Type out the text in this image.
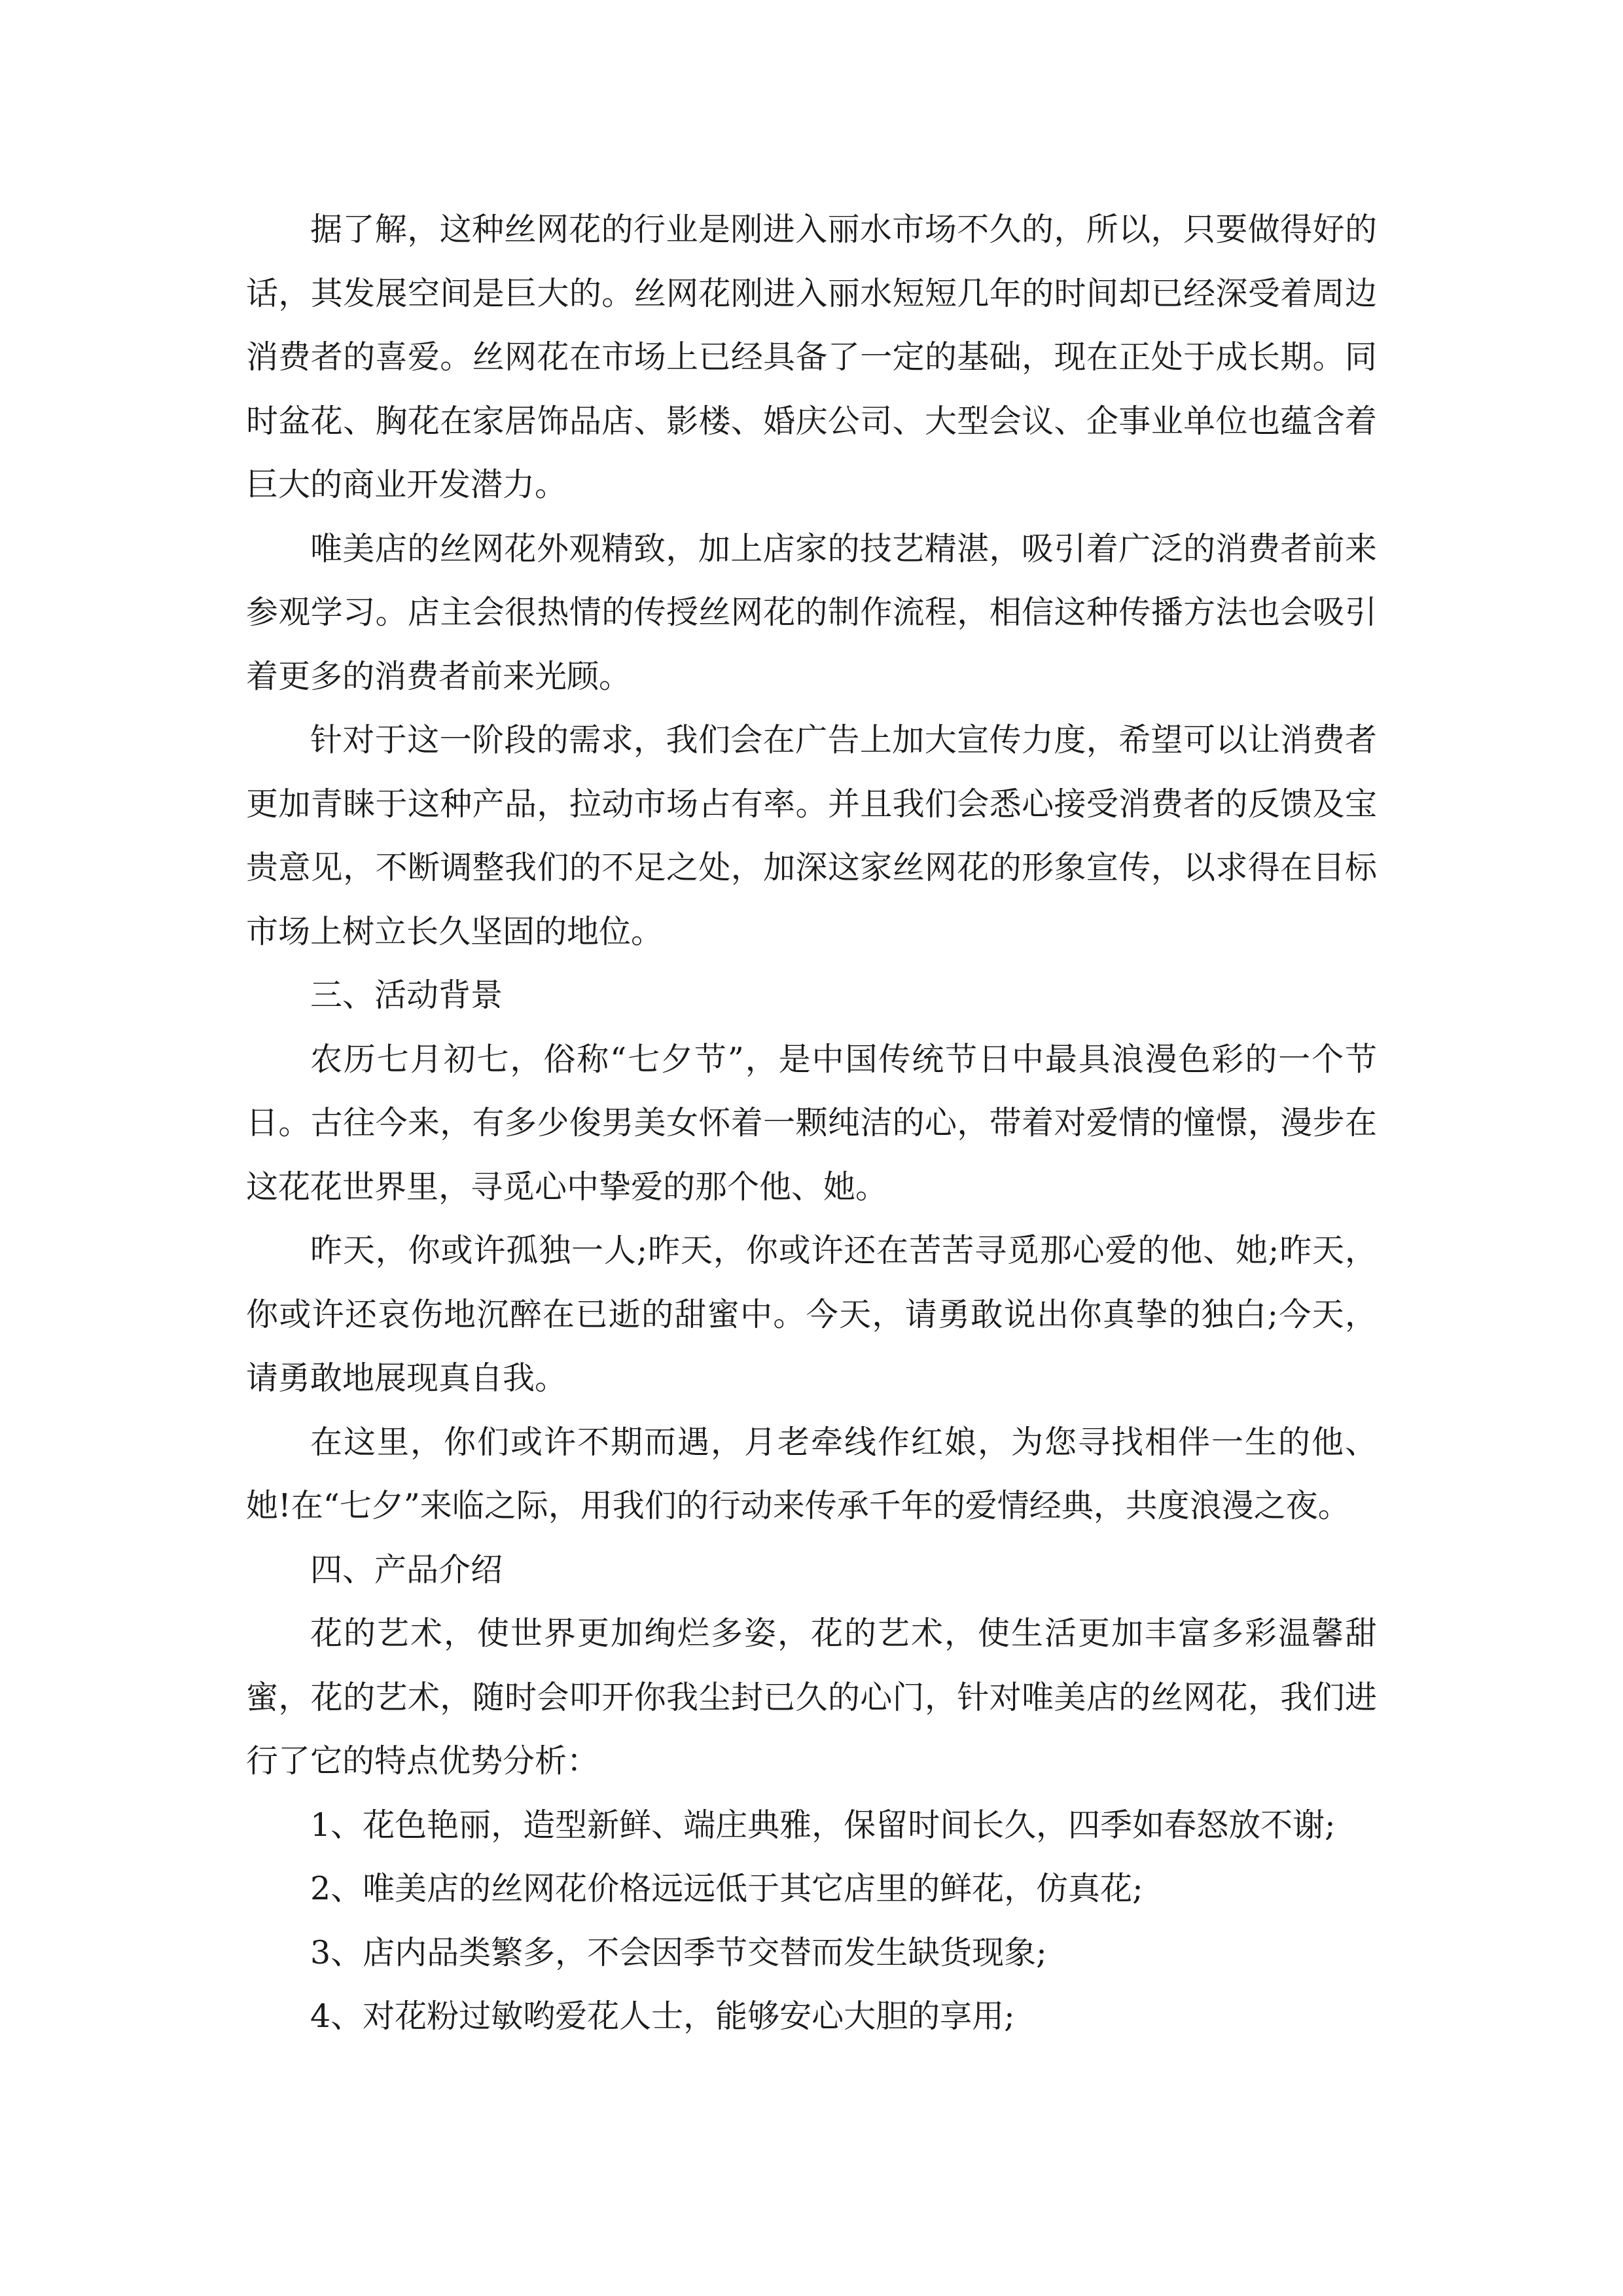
据了解，这种丝网花的行业是刚进入丽水市场不久的，所以，只要做得好的话，其发展空间是巨大的。丝网花刚进入丽水短短几年的时间却已经深受着周边消费者的喜爱。丝网花在市场上已经具备了一定的基础，现在正处于成长期。同时盆花、胸花在家居饰品店、影楼、婚庆公司、大型会议、企事业单位也蕴含着巨大的商业开发潜力。

唯美店的丝网花外观精致，加上店家的技艺精湛，吸引着广泛的消费者前来参观学习。店主会很热情的传授丝网花的制作流程，相信这种传播方法也会吸引着更多的消费者前来光顾。

针对于这一阶段的需求，我们会在广告上加大宣传力度，希望可以让消费者更加青睐于这种产品，拉动市场占有率。并且我们会悉心接受消费者的反馈及宝贵意见，不断调整我们的不足之处，加深这家丝网花的形象宣传，以求得在目标市场上树立长久坚固的地位。

三、活动背景

农历七月初七，俗称“七夕节”，是中国传统节日中最具浪漫色彩的一个节日。古往今来，有多少俊男美女怀着一颗纯洁的心，带着对爱情的憧憬，漫步在这花花世界里，寻觅心中挚爱的那个他、她。

昨天，你或许孤独一人;昨天，你或许还在苦苦寻觅那心爱的他、她;昨天，你或许还哀伤地沉醉在已逝的甜蜜中。今天，请勇敢说出你真挚的独白;今天，请勇敢地展现真自我。

在这里，你们或许不期而遇，月老牵线作红娘，为您寻找相伴一生的他、她!在“七夕”来临之际，用我们的行动来传承千年的爱情经典，共度浪漫之夜。

四、产品介绍

花的艺术，使世界更加绚烂多姿，花的艺术，使生活更加丰富多彩温馨甜蜜，花的艺术，随时会叩开你我尘封已久的心门，针对唯美店的丝网花，我们进行了它的特点优势分析：

1、花色艳丽，造型新鲜、端庄典雅，保留时间长久，四季如春怒放不谢;

2、唯美店的丝网花价格远远低于其它店里的鲜花，仿真花;

3、店内品类繁多，不会因季节交替而发生缺货现象;

4、对花粉过敏哟爱花人士，能够安心大胆的享用;
